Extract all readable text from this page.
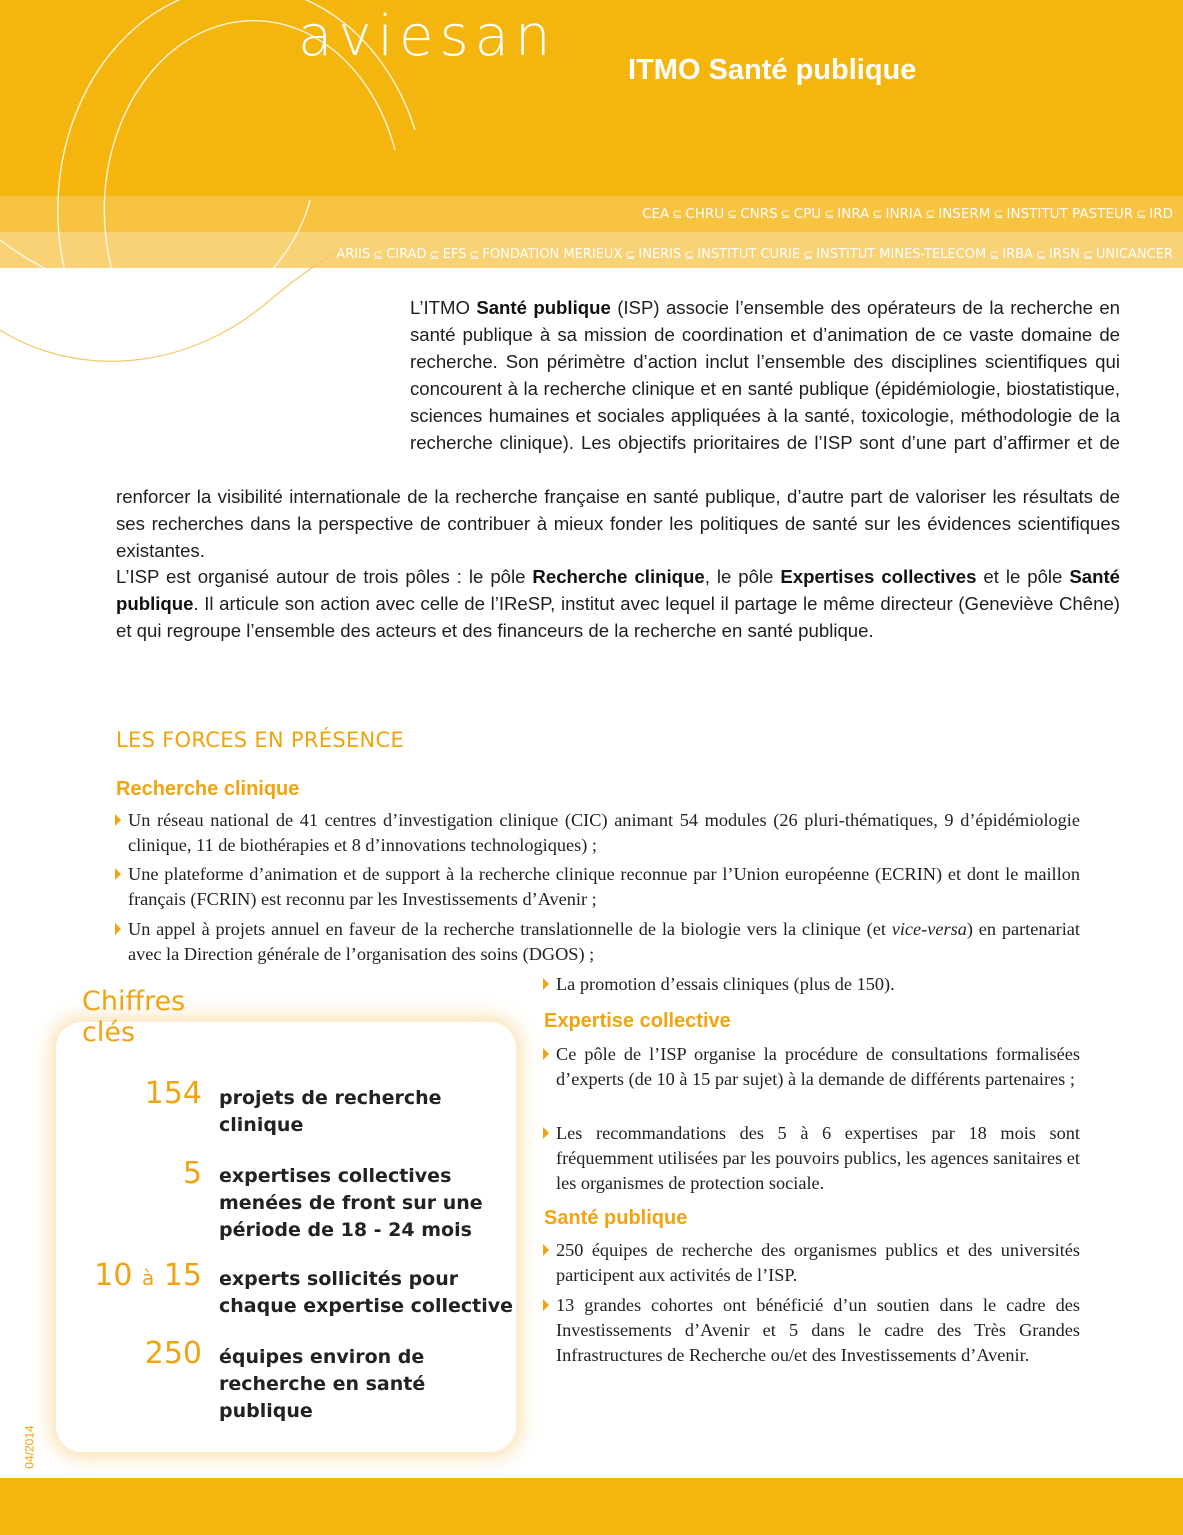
aviesan
ITMO Santé publique
CEA ⊆ CHRU ⊆ CNRS ⊆ CPU ⊆ INRA ⊆ INRIA ⊆ INSERM ⊆ INSTITUT PASTEUR ⊆ IRD
ARIIS ⊆ CIRAD ⊆ EFS ⊆ FONDATION MERIEUX ⊆ INERIS ⊆ INSTITUT CURIE ⊆ INSTITUT MINES-TELECOM ⊆ IRBA ⊆ IRSN ⊆ UNICANCER

L’ITMO Santé publique (ISP) associe l’ensemble des opérateurs de la recherche en santé publique à sa mission de coordination et d’animation de ce vaste domaine de recherche. Son périmètre d’action inclut l’ensemble des disciplines scientifiques qui concourent à la recherche clinique et en santé publique (épidémiologie, biostatistique, sciences humaines et sociales appliquées à la santé, toxicologie, méthodologie de la recherche clinique). Les objectifs prioritaires de l’ISP sont d’une part d’affirmer et de

renforcer la visibilité internationale de la recherche française en santé publique, d’autre part de valoriser les résultats de ses recherches dans la perspective de contribuer à mieux fonder les politiques de santé sur les évidences scientifiques existantes.

L’ISP est organisé autour de trois pôles : le pôle Recherche clinique, le pôle Expertises collectives et le pôle Santé publique. Il articule son action avec celle de l’IReSP, institut avec lequel il partage le même directeur (Geneviève Chêne) et qui regroupe l’ensemble des acteurs et des financeurs de la recherche en santé publique.

LES FORCES EN PRÉSENCE
Recherche clinique
Un réseau national de 41 centres d’investigation clinique (CIC) animant 54 modules (26 pluri-thématiques, 9 d’épidémiologie clinique, 11 de biothérapies et 8 d’innovations technologiques) ;
Une plateforme d’animation et de support à la recherche clinique reconnue par l’Union européenne (ECRIN) et dont le maillon français (FCRIN) est reconnu par les Investissements d’Avenir ;
Un appel à projets annuel en faveur de la recherche translationnelle de la biologie vers la clinique (et vice-versa) en partenariat avec la Direction générale de l’organisation des soins (DGOS) ;
La promotion d’essais cliniques (plus de 150).
Expertise collective
Ce pôle de l’ISP organise la procédure de consultations formalisées d’experts (de 10 à 15 par sujet) à la demande de différents partenaires ;
Les recommandations des 5 à 6 expertises par 18 mois sont fréquemment utilisées par les pouvoirs publics, les agences sanitaires et les organismes de protection sociale.
Santé publique
250 équipes de recherche des organismes publics et des universités participent aux activités de l’ISP.
13 grandes cohortes ont bénéficié d’un soutien dans le cadre des Investissements d’Avenir et 5 dans le cadre des Très Grandes Infrastructures de Recherche ou/et des Investissements d’Avenir.
Chiffres
clés
154 projets de recherche
clinique
5 expertises collectives
menées de front sur une
période de 18 - 24 mois
10 à 15 experts sollicités pour
chaque expertise collective
250 équipes environ de
recherche en santé
publique
04/2014
